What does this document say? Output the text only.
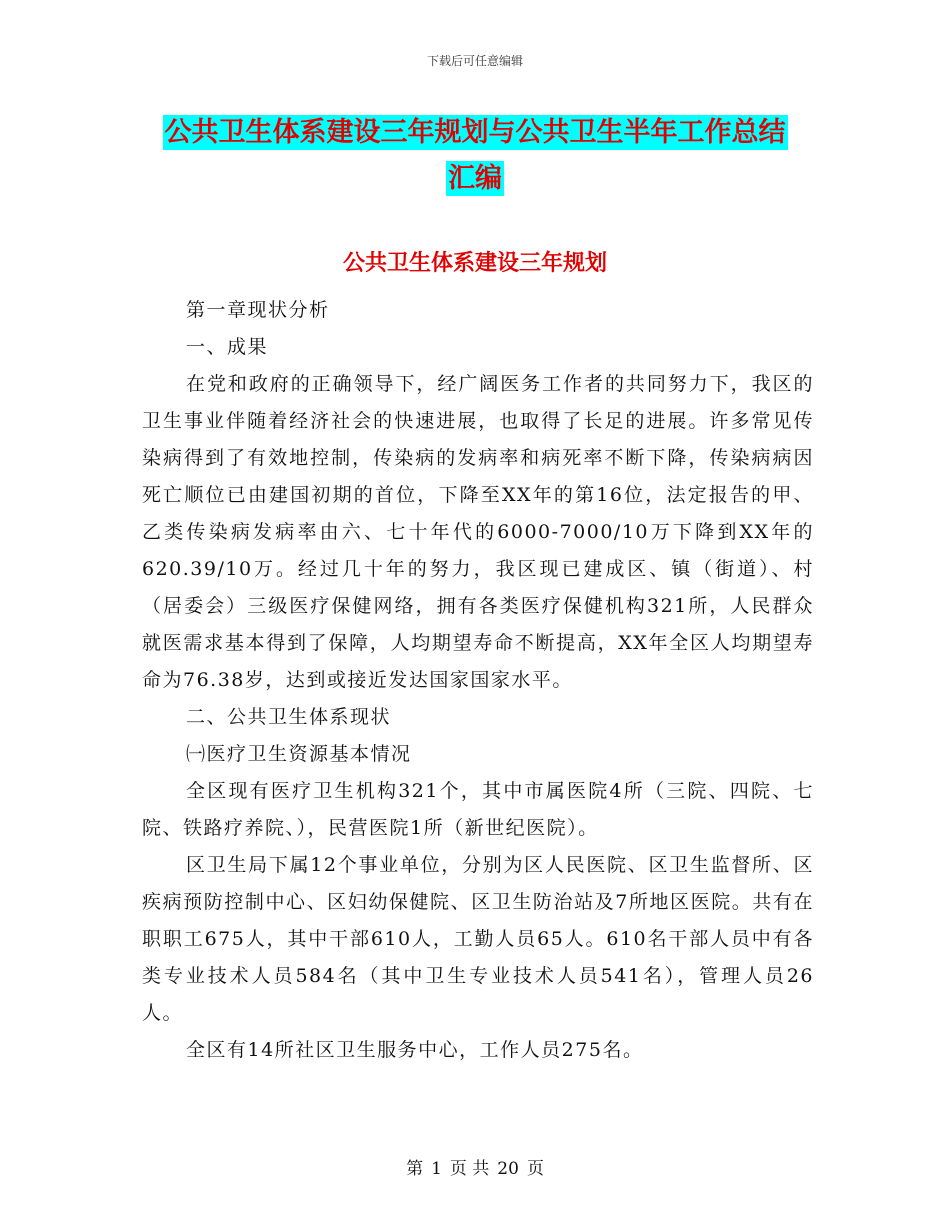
下载后可任意编辑
公共卫生体系建设三年规划与公共卫生半年工作总结
汇编
公共卫生体系建设三年规划

第一章现状分析

一、成果

在党和政府的正确领导下，经广阔医务工作者的共同努力下，我区的卫生事业伴随着经济社会的快速进展，也取得了长足的进展。许多常见传染病得到了有效地控制，传染病的发病率和病死率不断下降，传染病病因死亡顺位已由建国初期的首位，下降至XX年的第16位，法定报告的甲、乙类传染病发病率由六、七十年代的6000-7000/10万下降到XX年的620.39/10万。经过几十年的努力，我区现已建成区、镇（街道）、村（居委会）三级医疗保健网络，拥有各类医疗保健机构321所，人民群众就医需求基本得到了保障，人均期望寿命不断提高，XX年全区人均期望寿命为76.38岁，达到或接近发达国家国家水平。

二、公共卫生体系现状

㈠医疗卫生资源基本情况

全区现有医疗卫生机构321个，其中市属医院4所（三院、四院、七院、铁路疗养院、），民营医院1所（新世纪医院）。

区卫生局下属12个事业单位，分别为区人民医院、区卫生监督所、区疾病预防控制中心、区妇幼保健院、区卫生防治站及7所地区医院。共有在职职工675人，其中干部610人，工勤人员65人。610名干部人员中有各类专业技术人员584名（其中卫生专业技术人员541名），管理人员26人。

全区有14所社区卫生服务中心，工作人员275名。

第 1 页 共 20 页
